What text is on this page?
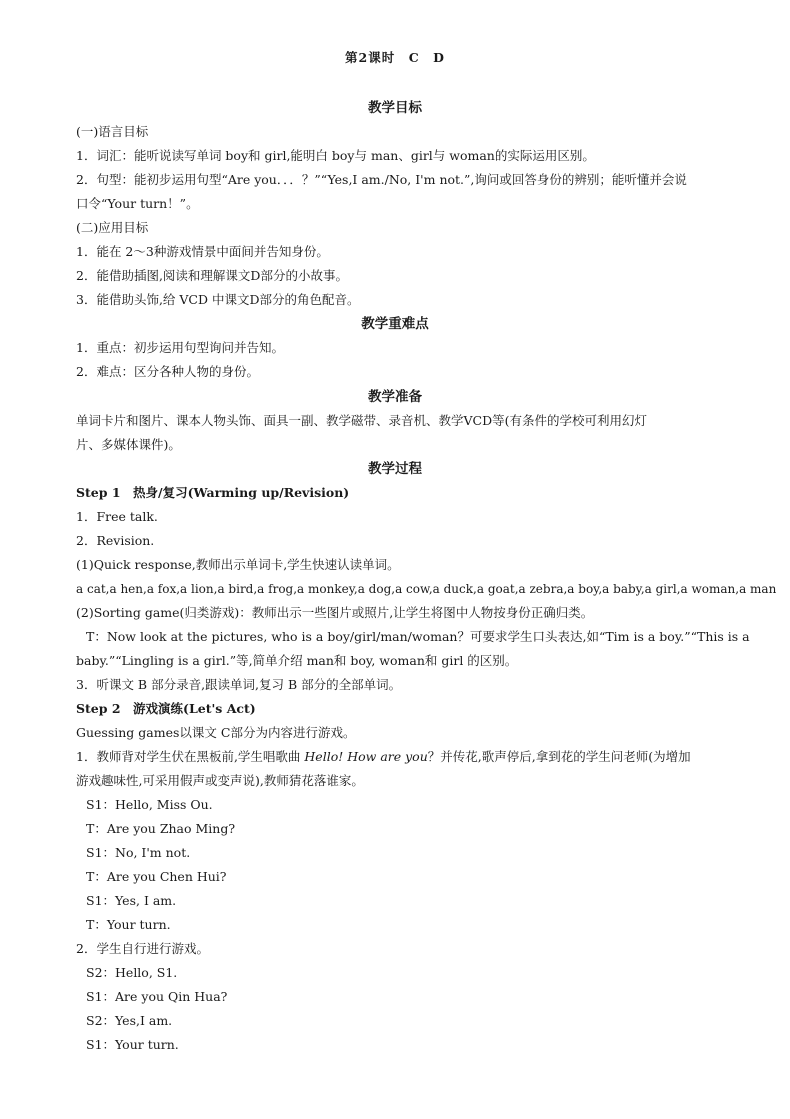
第2课时　C　D
教学目标
(一)语言目标
1．词汇：能听说读写单词 boy和 girl,能明白 boy与 man、girl与 woman的实际运用区别。
2．句型：能初步运用句型“Are you．．．？”“Yes,I am./No, I'm not.”,询问或回答身份的辨别；能听懂并会说
口令“Your turn！”。
(二)应用目标
1．能在 2～3种游戏情景中面间并告知身份。
2．能借助插图,阅读和理解课文D部分的小故事。
3．能借助头饰,给 VCD 中课文D部分的角色配音。
教学重难点
1．重点：初步运用句型询问并告知。
2．难点：区分各种人物的身份。
教学准备
单词卡片和图片、课本人物头饰、面具一副、教学磁带、录音机、教学VCD等(有条件的学校可利用幻灯
片、多媒体课件)。
教学过程
Step 1　热身/复习(Warming up/Revision)
1．Free talk.
2．Revision.
(1)Quick response,教师出示单词卡,学生快速认读单词。
a cat,a hen,a fox,a lion,a bird,a frog,a monkey,a dog,a cow,a duck,a goat,a zebra,a boy,a baby,a girl,a woman,a man
(2)Sorting game(归类游戏)：教师出示一些图片或照片,让学生将图中人物按身份正确归类。
T：Now look at the pictures, who is a boy/girl/man/woman？可要求学生口头表达,如“Tim is a boy.”“This is a
baby.”“Lingling is a girl.”等,简单介绍 man和 boy, woman和 girl 的区别。
3．听课文 B 部分录音,跟读单词,复习 B 部分的全部单词。
Step 2　游戏演练(Let's Act)
Guessing games以课文 C部分为内容进行游戏。
1．教师背对学生伏在黑板前,学生唱歌曲 Hello! How are you？并传花,歌声停后,拿到花的学生问老师(为增加
游戏趣味性,可采用假声或变声说),教师猜花落谁家。
S1：Hello, Miss Ou.
T：Are you Zhao Ming?
S1：No, I'm not.
T：Are you Chen Hui?
S1：Yes, I am.
T：Your turn.
2．学生自行进行游戏。
S2：Hello, S1.
S1：Are you Qin Hua?
S2：Yes,I am.
S1：Your turn.
